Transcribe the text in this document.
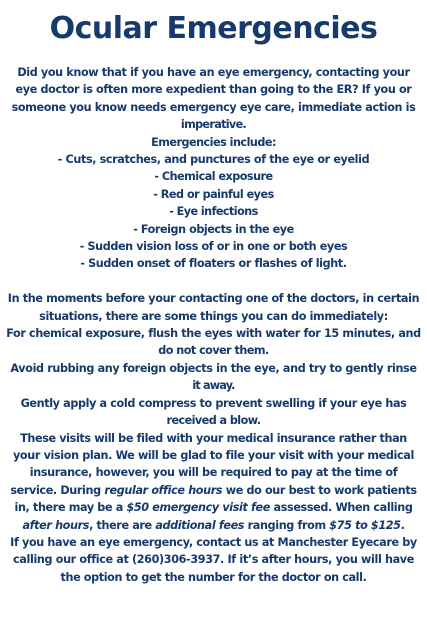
Ocular Emergencies
Did you know that if you have an eye emergency, contacting your
eye doctor is often more expedient than going to the ER? If you or
someone you know needs emergency eye care, immediate action is
imperative.
Emergencies include:
- Cuts, scratches, and punctures of the eye or eyelid
- Chemical exposure
- Red or painful eyes
- Eye infections
- Foreign objects in the eye
- Sudden vision loss of or in one or both eyes
- Sudden onset of floaters or flashes of light.
In the moments before your contacting one of the doctors, in certain
situations, there are some things you can do immediately:
For chemical exposure, flush the eyes with water for 15 minutes, and
do not cover them.
Avoid rubbing any foreign objects in the eye, and try to gently rinse
it away.
Gently apply a cold compress to prevent swelling if your eye has
received a blow.
These visits will be filed with your medical insurance rather than
your vision plan. We will be glad to file your visit with your medical
insurance, however, you will be required to pay at the time of
service. During regular office hours we do our best to work patients
in, there may be a $50 emergency visit fee assessed. When calling
after hours, there are additional fees ranging from $75 to $125.
If you have an eye emergency, contact us at Manchester Eyecare by
calling our office at (260)306-3937. If it’s after hours, you will have
the option to get the number for the doctor on call.
